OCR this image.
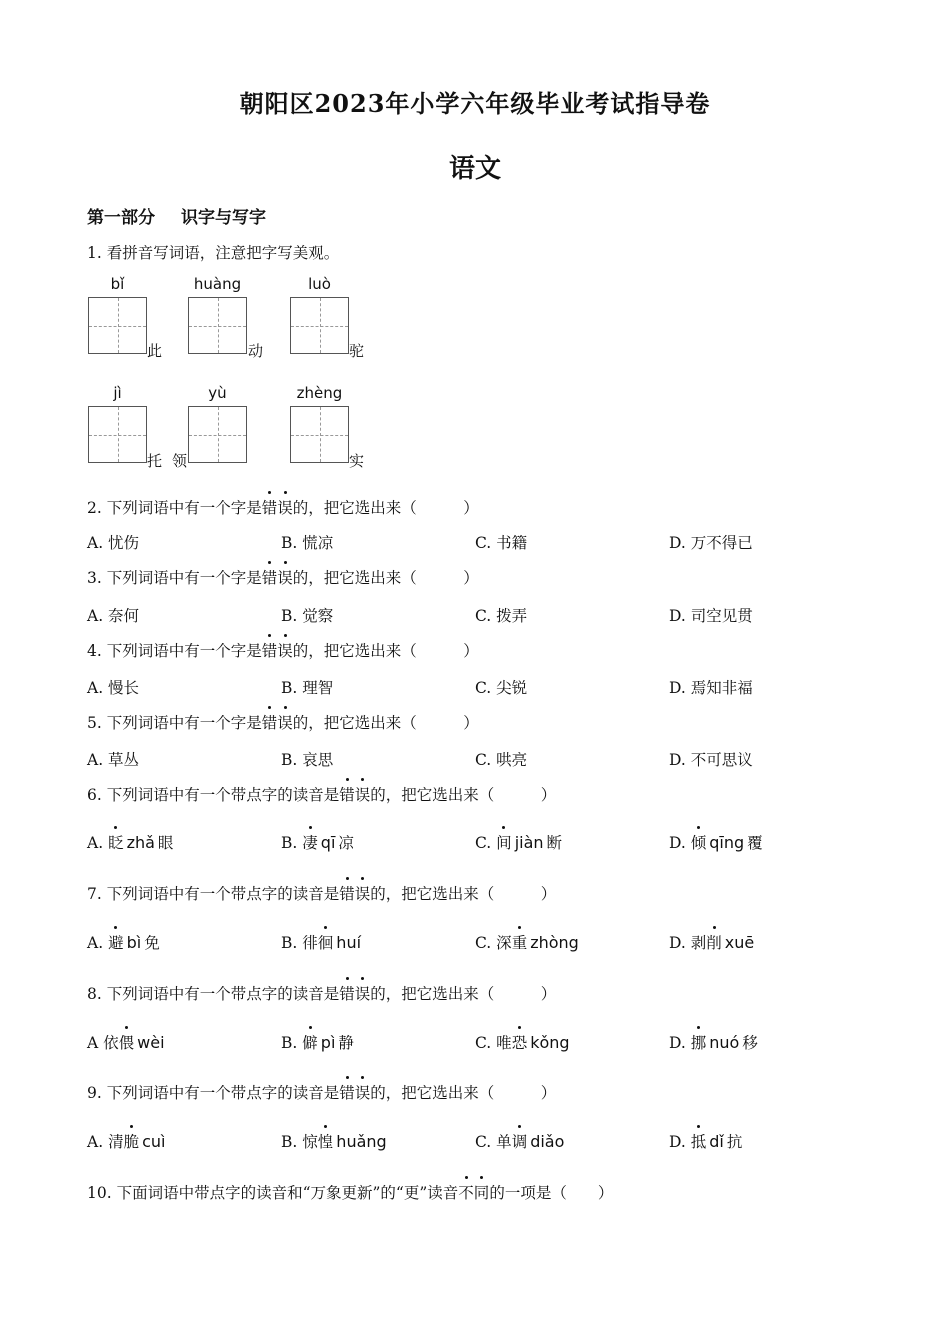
朝阳区2023年小学六年级毕业考试指导卷
语文
第一部分 识字与写字
1. 看拼音写词语，注意把字写美观。
bǐ
此
huàng
动
luò
驼
jì
托
yù
领
zhèng
实
2. 下列词语中有一个字是错误的，把它选出来（　　　）
A. 忧伤	B. 慌凉	C. 书籍	D. 万不得已
3. 下列词语中有一个字是错误的，把它选出来（　　　）
A. 奈何	B. 觉察	C. 拨弄	D. 司空见贯
4. 下列词语中有一个字是错误的，把它选出来（　　　）
A. 慢长	B. 理智	C. 尖锐	D. 焉知非福
5. 下列词语中有一个字是错误的，把它选出来（　　　）
A. 草丛	B. 哀思	C. 哄亮	D. 不可思议
6. 下列词语中有一个带点字的读音是错误的，把它选出来（　　　）
A. 眨 zhǎ 眼	B. 凄 qī 凉	C. 间 jiàn 断	D. 倾 qīng 覆
7. 下列词语中有一个带点字的读音是错误的，把它选出来（　　　）
A. 避 bì 免	B. 徘徊 huí	C. 深重 zhòng	D. 剥削 xuē
8. 下列词语中有一个带点字的读音是错误的，把它选出来（　　　）
A 依偎 wèi	B. 僻 pì 静	C. 唯恐 kǒng	D. 挪 nuó 移
9. 下列词语中有一个带点字的读音是错误的，把它选出来（　　　）
A. 清脆 cuì	B. 惊惶 huǎng	C. 单调 diǎo	D. 抵 dǐ 抗
10. 下面词语中带点字的读音和“万象更新”的“更”读音不同的一项是（　　）
